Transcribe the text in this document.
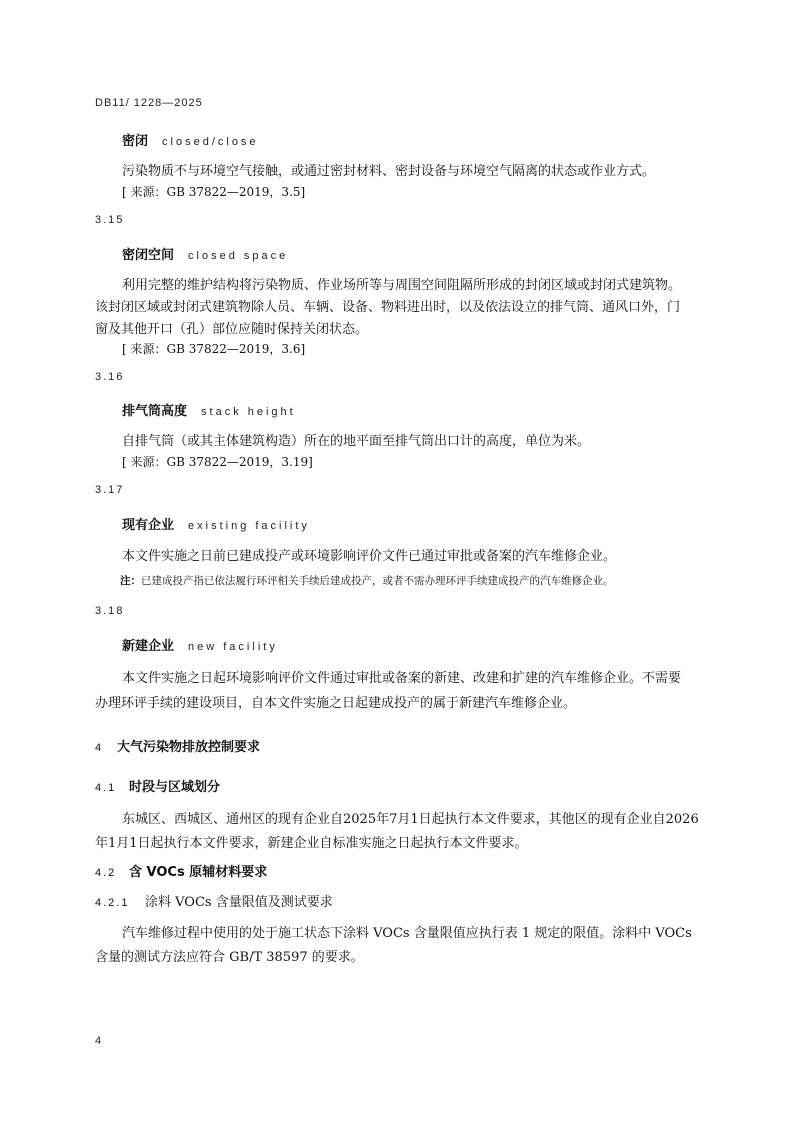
DB11/ 1228—2025
密闭 closed/close
污染物质不与环境空气接触，或通过密封材料、密封设备与环境空气隔离的状态或作业方式。
[ 来源：GB 37822—2019，3.5]
3.15
密闭空间 closed space
利用完整的维护结构将污染物质、作业场所等与周围空间阻隔所形成的封闭区域或封闭式建筑物。
该封闭区域或封闭式建筑物除人员、车辆、设备、物料进出时，以及依法设立的排气筒、通风口外，门
窗及其他开口（孔）部位应随时保持关闭状态。
[ 来源：GB 37822—2019，3.6]
3.16
排气筒高度 stack height
自排气筒（或其主体建筑构造）所在的地平面至排气筒出口计的高度，单位为米。
[ 来源：GB 37822—2019，3.19]
3.17
现有企业 existing facility
本文件实施之日前已建成投产或环境影响评价文件已通过审批或备案的汽车维修企业。
注：已建成投产指已依法履行环评相关手续后建成投产，或者不需办理环评手续建成投产的汽车维修企业。
3.18
新建企业 new facility
本文件实施之日起环境影响评价文件通过审批或备案的新建、改建和扩建的汽车维修企业。不需要
办理环评手续的建设项目，自本文件实施之日起建成投产的属于新建汽车维修企业。
4 大气污染物排放控制要求
4.1 时段与区域划分
东城区、西城区、通州区的现有企业自2025年7月1日起执行本文件要求，其他区的现有企业自2026
年1月1日起执行本文件要求，新建企业自标准实施之日起执行本文件要求。
4.2 含 VOCs 原辅材料要求
4.2.1 涂料 VOCs 含量限值及测试要求
汽车维修过程中使用的处于施工状态下涂料 VOCs 含量限值应执行表 1 规定的限值。涂料中 VOCs
含量的测试方法应符合 GB/T 38597 的要求。
4
